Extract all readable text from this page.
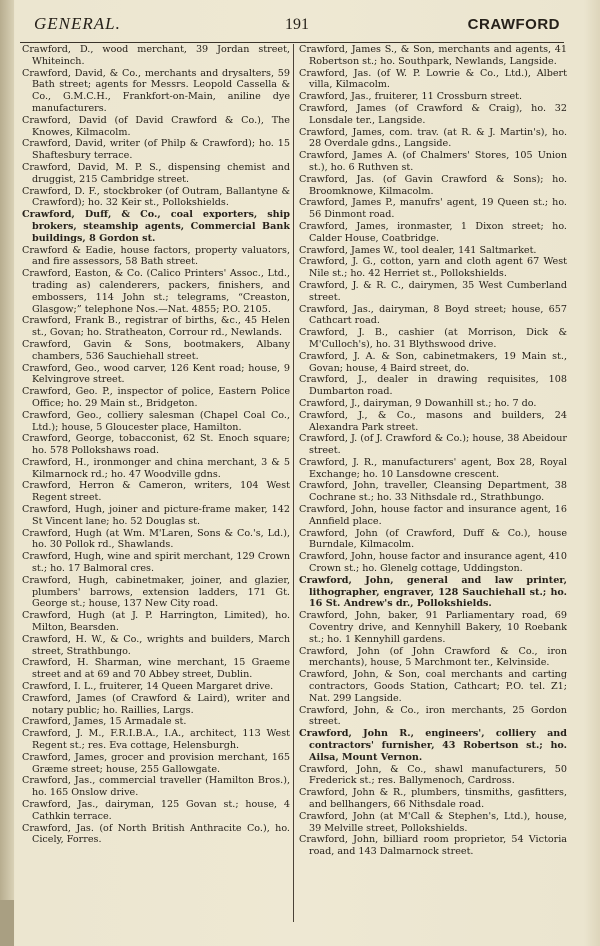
GENERAL.	191	CRAWFORD

Crawford, D., wood merchant, 39 Jordan street, Whiteinch.

Crawford, David, & Co., merchants and drysalters, 59 Bath street; agents for Messrs. Leopold Cassella & Co., G.M.C.H., Frankfort-on-Main, aniline dye manufacturers.

Crawford, David (of David Crawford & Co.), The Knowes, Kilmacolm.

Crawford, David, writer (of Philp & Crawford); ho. 15 Shaftesbury terrace.

Crawford, David, M. P. S., dispensing chemist and druggist, 215 Cambridge street.

Crawford, D. F., stockbroker (of Outram, Ballantyne & Crawford); ho. 32 Keir st., Pollokshields.

Crawford, Duff, & Co., coal exporters, ship brokers, steamship agents, Commercial Bank buildings, 8 Gordon st.

Crawford & Eadie, house factors, property valuators, and fire assessors, 58 Bath street.

Crawford, Easton, & Co. (Calico Printers' Assoc., Ltd., trading as) calenderers, packers, finishers, and embossers, 114 John st.; telegrams, “Creaston, Glasgow;” telephone Nos.—Nat. 4855; P.O. 2105.

Crawford, Frank B., registrar of births, &c., 45 Helen st., Govan; ho. Stratheaton, Corrour rd., Newlands.

Crawford, Gavin & Sons, bootmakers, Albany chambers, 536 Sauchiehall street.

Crawford, Geo., wood carver, 126 Kent road; house, 9 Kelvingrove street.

Crawford, Geo. P., inspector of police, Eastern Police Office; ho. 29 Main st., Bridgeton.

Crawford, Geo., colliery salesman (Chapel Coal Co., Ltd.); house, 5 Gloucester place, Hamilton.

Crawford, George, tobacconist, 62 St. Enoch square; ho. 578 Pollokshaws road.

Crawford, H., ironmonger and china merchant, 3 & 5 Kilmarnock rd.; ho. 47 Woodville gdns.

Crawford, Herron & Cameron, writers, 104 West Regent street.

Crawford, Hugh, joiner and picture-frame maker, 142 St Vincent lane; ho. 52 Douglas st.

Crawford, Hugh (at Wm. M'Laren, Sons & Co.'s, Ld.), ho. 30 Pollok rd., Shawlands.

Crawford, Hugh, wine and spirit merchant, 129 Crown st.; ho. 17 Balmoral cres.

Crawford, Hugh, cabinetmaker, joiner, and glazier, plumbers' barrows, extension ladders, 171 Gt. George st.; house, 137 New City road.

Crawford, Hugh (at J. P. Harrington, Limited), ho. Milton, Bearsden.

Crawford, H. W., & Co., wrights and builders, March street, Strathbungo.

Crawford, H. Sharman, wine merchant, 15 Graeme street and at 69 and 70 Abbey street, Dublin.

Crawford, I. L., fruiterer, 14 Queen Margaret drive.

Crawford, James (of Crawford & Laird), writer and notary public; ho. Raillies, Largs.

Crawford, James, 15 Armadale st.

Crawford, J. M., F.R.I.B.A., I.A., architect, 113 West Regent st.; res. Eva cottage, Helensburgh.

Crawford, James, grocer and provision merchant, 165 Græme street; house, 255 Gallowgate.

Crawford, Jas., commercial traveller (Hamilton Bros.), ho. 165 Onslow drive.

Crawford, Jas., dairyman, 125 Govan st.; house, 4 Cathkin terrace.

Crawford, Jas. (of North British Anthracite Co.), ho. Cicely, Forres.

Crawford, James S., & Son, merchants and agents, 41 Robertson st.; ho. Southpark, Newlands, Langside.

Crawford, Jas. (of W. P. Lowrie & Co., Ltd.), Albert villa, Kilmacolm.

Crawford, Jas., fruiterer, 11 Crossburn street.

Crawford, James (of Crawford & Craig), ho. 32 Lonsdale ter., Langside.

Crawford, James, com. trav. (at R. & J. Martin's), ho. 28 Overdale gdns., Langside.

Crawford, James A. (of Chalmers' Stores, 105 Union st.), ho. 6 Ruthven st.

Crawford, Jas. (of Gavin Crawford & Sons); ho. Broomknowe, Kilmacolm.

Crawford, James P., manufrs' agent, 19 Queen st.; ho. 56 Dinmont road.

Crawford, James, ironmaster, 1 Dixon street; ho. Calder House, Coatbridge.

Crawford, James W., tool dealer, 141 Saltmarket.

Crawford, J. G., cotton, yarn and cloth agent 67 West Nile st.; ho. 42 Herriet st., Pollokshields.

Crawford, J. & R. C., dairymen, 35 West Cumberland street.

Crawford, Jas., dairyman, 8 Boyd street; house, 657 Cathcart road.

Crawford, J. B., cashier (at Morrison, Dick & M'Culloch's), ho. 31 Blythswood drive.

Crawford, J. A. & Son, cabinetmakers, 19 Main st., Govan; house, 4 Baird street, do.

Crawford, J., dealer in drawing requisites, 108 Dumbarton road.

Crawford, J., dairyman, 9 Dowanhill st.; ho. 7 do.

Crawford, J., & Co., masons and builders, 24 Alexandra Park street.

Crawford, J. (of J. Crawford & Co.); house, 38 Abeidour street.

Crawford, J. R., manufacturers' agent, Box 28, Royal Exchange; ho. 10 Lansdowne crescent.

Crawford, John, traveller, Cleansing Department, 38 Cochrane st.; ho. 33 Nithsdale rd., Strathbungo.

Crawford, John, house factor and insurance agent, 16 Annfield place.

Crawford, John (of Crawford, Duff & Co.), house Burndale, Kilmacolm.

Crawford, John, house factor and insurance agent, 410 Crown st.; ho. Glenelg cottage, Uddingston.

Crawford, John, general and law printer, lithographer, engraver, 128 Sauchiehall st.; ho. 16 St. Andrew's dr., Pollokshields.

Crawford, John, baker, 91 Parliamentary road, 69 Coventry drive, and Kennyhill Bakery, 10 Roebank st.; ho. 1 Kennyhill gardens.

Crawford, John (of John Crawford & Co., iron merchants), house, 5 Marchmont ter., Kelvinside.

Crawford, John, & Son, coal merchants and carting contractors, Goods Station, Cathcart; P.O. tel. Z1; Nat. 299 Langside.

Crawford, John, & Co., iron merchants, 25 Gordon street.

Crawford, John R., engineers', colliery and contractors' furnisher, 43 Robertson st.; ho. Ailsa, Mount Vernon.

Crawford, John, & Co., shawl manufacturers, 50 Frederick st.; res. Ballymenoch, Cardross.

Crawford, John & R., plumbers, tinsmiths, gasfitters, and bellhangers, 66 Nithsdale road.

Crawford, John (at M'Call & Stephen's, Ltd.), house, 39 Melville street, Pollokshields.

Crawford, John, billiard room proprietor, 54 Victoria road, and 143 Dalmarnock street.
